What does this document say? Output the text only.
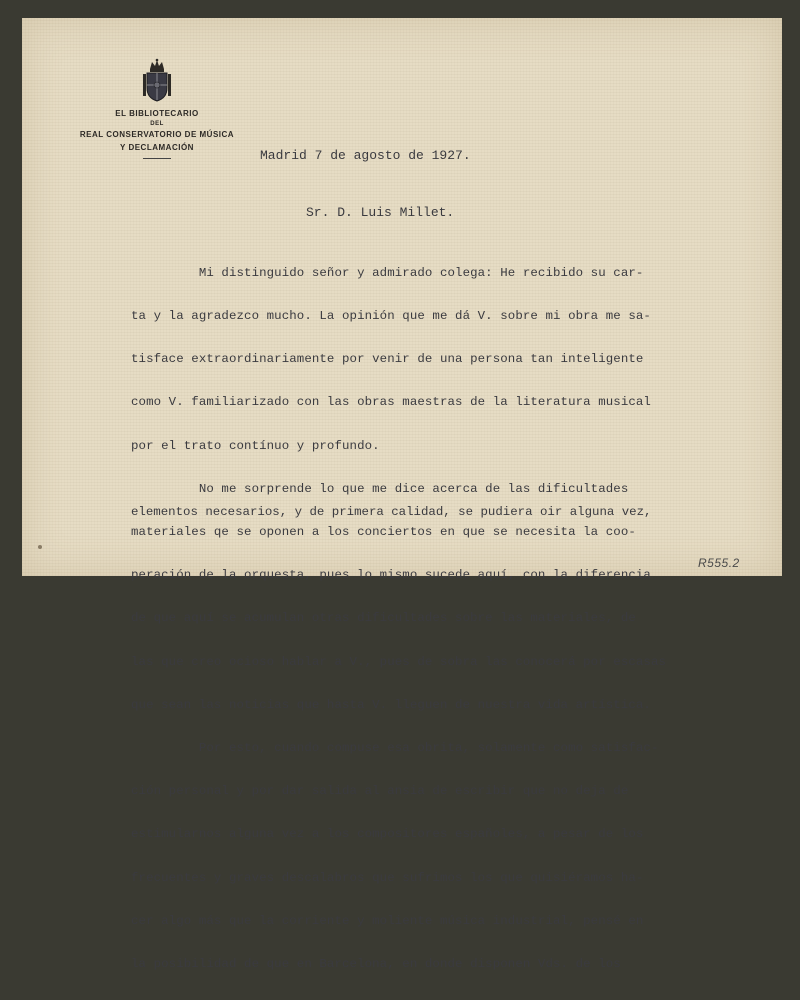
EL BIBLIOTECARIO
DEL
REAL CONSERVATORIO DE MÚSICA
Y DECLAMACIÓN
Madrid 7 de agosto de 1927.
Sr. D. Luis Millet.

Mi distinguido señor y admirado colega: He recibido su car-

ta y la agradezco mucho. La opinión que me dá V. sobre mi obra me sa-

tisface extraordinariamente por venir de una persona tan inteligente

como V. familiarizado con las obras maestras de la literatura musical

por el trato contínuo y profundo.

No me sorprende lo que me dice acerca de las dificultades

materiales qe se oponen a los conciertos en que se necesita la coo-

peración de la orquesta, pues lo mismo sucede aquí, con la diferencia

de que aquí se acumulan otras dificultades sobre las materiales, de

las que creo ocioso hablar a V., pues de sobra las conocerá por escasas

que sean las noticias que hasta V. lleguen de nuestra vida artística.

Por esto, cuando compuse esa obrita, solamente como satisfac-

ción personal y por dar salida al ansia de escribir que no deja de

estimularnos alguna vez a los compositores españoles, a pesar de los

frecuentes y graves descalabros que sufrimos los que quisiéramos ha-

cer algo más que la corriente y moliente música industrial, pensé en

la posibilidad de que en Barcelona, en donde disponen Vds. de los

elementos necesarios, y de primera calidad, se pudiera oir alguna vez,
R555.2
